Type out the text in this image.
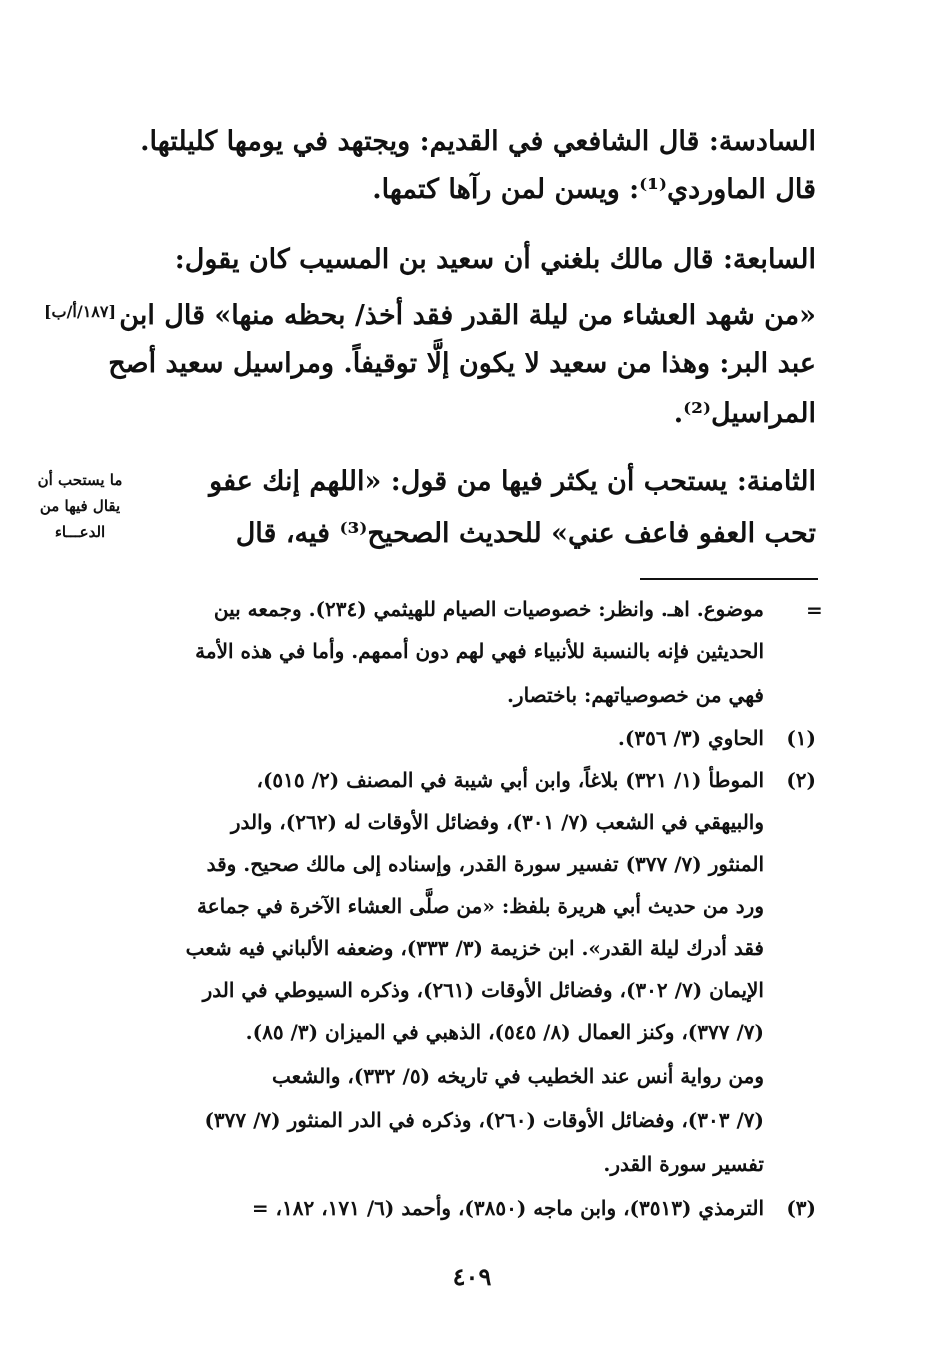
السادسة: قال الشافعي في القديم: ويجتهد في يومها كليلتها.
قال الماوردي⁽¹⁾: ويسن لمن رآها كتمها.
السابعة: قال مالك بلغني أن سعيد بن المسيب كان يقول:
«من شهد العشاء من ليلة القدر فقد أخذ/ بحظه منها» قال ابن
عبد البر: وهذا من سعيد لا يكون إلَّا توقيفاً. ومراسيل سعيد أصح
المراسيل⁽²⁾.
الثامنة: يستحب أن يكثر فيها من قول: «اللهم إنك عفو
تحب العفو فاعف عني» للحديث الصحيح⁽³⁾ فيه، قال
[١٨٧/أ/ب]
ما يستحب أن
يقال فيها من
الدعـــاء
=
موضوع. اهـ. وانظر: خصوصيات الصيام للهيثمي (٢٣٤). وجمعه بين
الحديثين فإنه بالنسبة للأنبياء فهي لهم دون أممهم. وأما في هذه الأمة
فهي من خصوصياتهم: باختصار.
(١)
الحاوي (٣/ ٣٥٦).
(٢)
الموطأ (١/ ٣٢١) بلاغاً، وابن أبي شيبة في المصنف (٢/ ٥١٥)،
والبيهقي في الشعب (٧/ ٣٠١)، وفضائل الأوقات له (٢٦٢)، والدر
المنثور (٧/ ٣٧٧) تفسير سورة القدر، وإسناده إلى مالك صحيح. وقد
ورد من حديث أبي هريرة بلفظ: «من صلَّى العشاء الآخرة في جماعة
فقد أدرك ليلة القدر». ابن خزيمة (٣/ ٣٣٣)، وضعفه الألباني فيه شعب
الإيمان (٧/ ٣٠٢)، وفضائل الأوقات (٢٦١)، وذكره السيوطي في الدر
(٧/ ٣٧٧)، وكنز العمال (٨/ ٥٤٥)، الذهبي في الميزان (٣/ ٨٥).
ومن رواية أنس عند الخطيب في تاريخه (٥/ ٣٣٢)، والشعب
(٧/ ٣٠٣)، وفضائل الأوقات (٢٦٠)، وذكره في الدر المنثور (٧/ ٣٧٧)
تفسير سورة القدر.
(٣)
الترمذي (٣٥١٣)، وابن ماجه (٣٨٥٠)، وأحمد (٦/ ١٧١، ١٨٢، =
٤٠٩
